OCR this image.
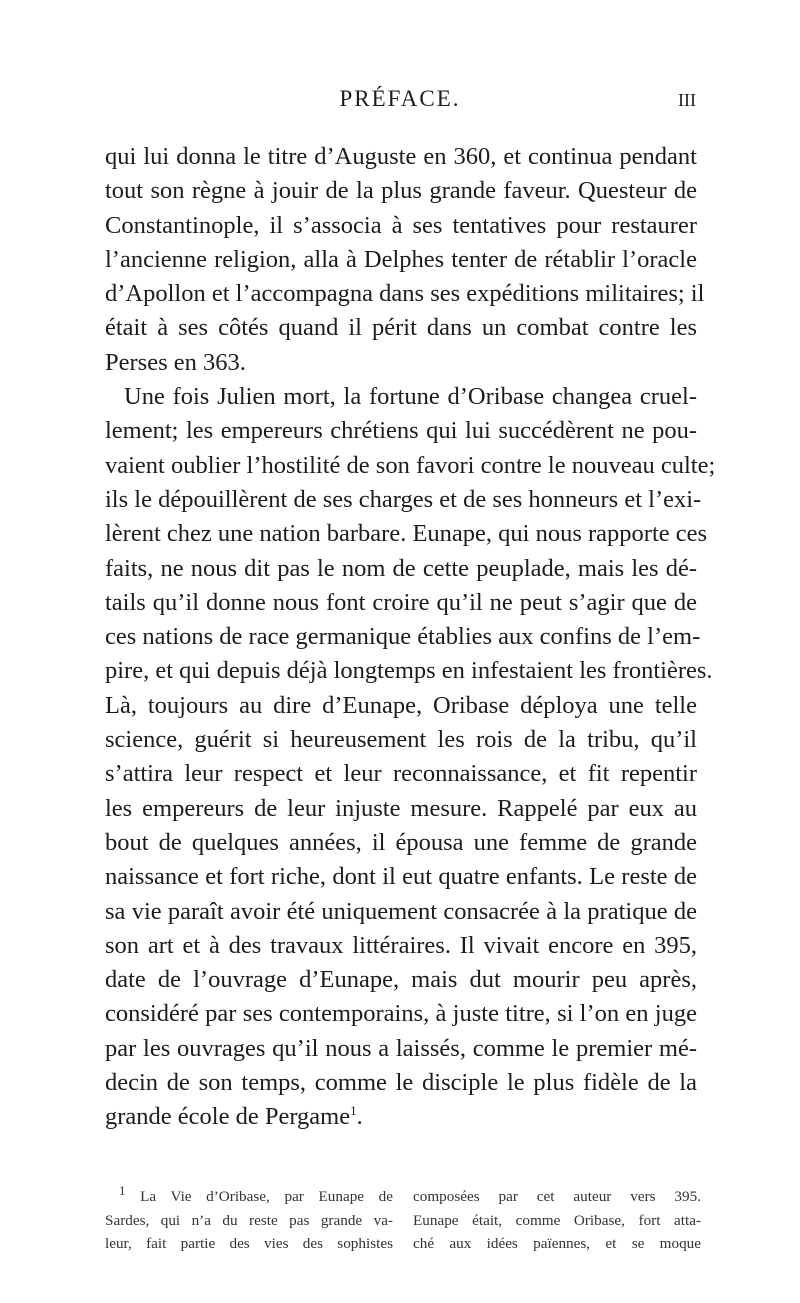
PRÉFACE.	III
qui lui donna le titre d’Auguste en 360, et continua pendant
tout son règne à jouir de la plus grande faveur. Questeur de
Constantinople, il s’associa à ses tentatives pour restaurer
l’ancienne religion, alla à Delphes tenter de rétablir l’oracle
d’Apollon et l’accompagna dans ses expéditions militaires; il
était à ses côtés quand il périt dans un combat contre les
Perses en 363.
Une fois Julien mort, la fortune d’Oribase changea cruel-
lement; les empereurs chrétiens qui lui succédèrent ne pou-
vaient oublier l’hostilité de son favori contre le nouveau culte;
ils le dépouillèrent de ses charges et de ses honneurs et l’exi-
lèrent chez une nation barbare. Eunape, qui nous rapporte ces
faits, ne nous dit pas le nom de cette peuplade, mais les dé-
tails qu’il donne nous font croire qu’il ne peut s’agir que de
ces nations de race germanique établies aux confins de l’em-
pire, et qui depuis déjà longtemps en infestaient les frontières.
Là, toujours au dire d’Eunape, Oribase déploya une telle
science, guérit si heureusement les rois de la tribu, qu’il
s’attira leur respect et leur reconnaissance, et fit repentir
les empereurs de leur injuste mesure. Rappelé par eux au
bout de quelques années, il épousa une femme de grande
naissance et fort riche, dont il eut quatre enfants. Le reste de
sa vie paraît avoir été uniquement consacrée à la pratique de
son art et à des travaux littéraires. Il vivait encore en 395,
date de l’ouvrage d’Eunape, mais dut mourir peu après,
considéré par ses contemporains, à juste titre, si l’on en juge
par les ouvrages qu’il nous a laissés, comme le premier mé-
decin de son temps, comme le disciple le plus fidèle de la
grande école de Pergame$^1$.
1 La Vie d’Oribase, par Eunape de
Sardes, qui n’a du reste pas grande va-
leur, fait partie des vies des sophistes
composées par cet auteur vers 395.
Eunape était, comme Oribase, fort atta-
ché aux idées païennes, et se moque
